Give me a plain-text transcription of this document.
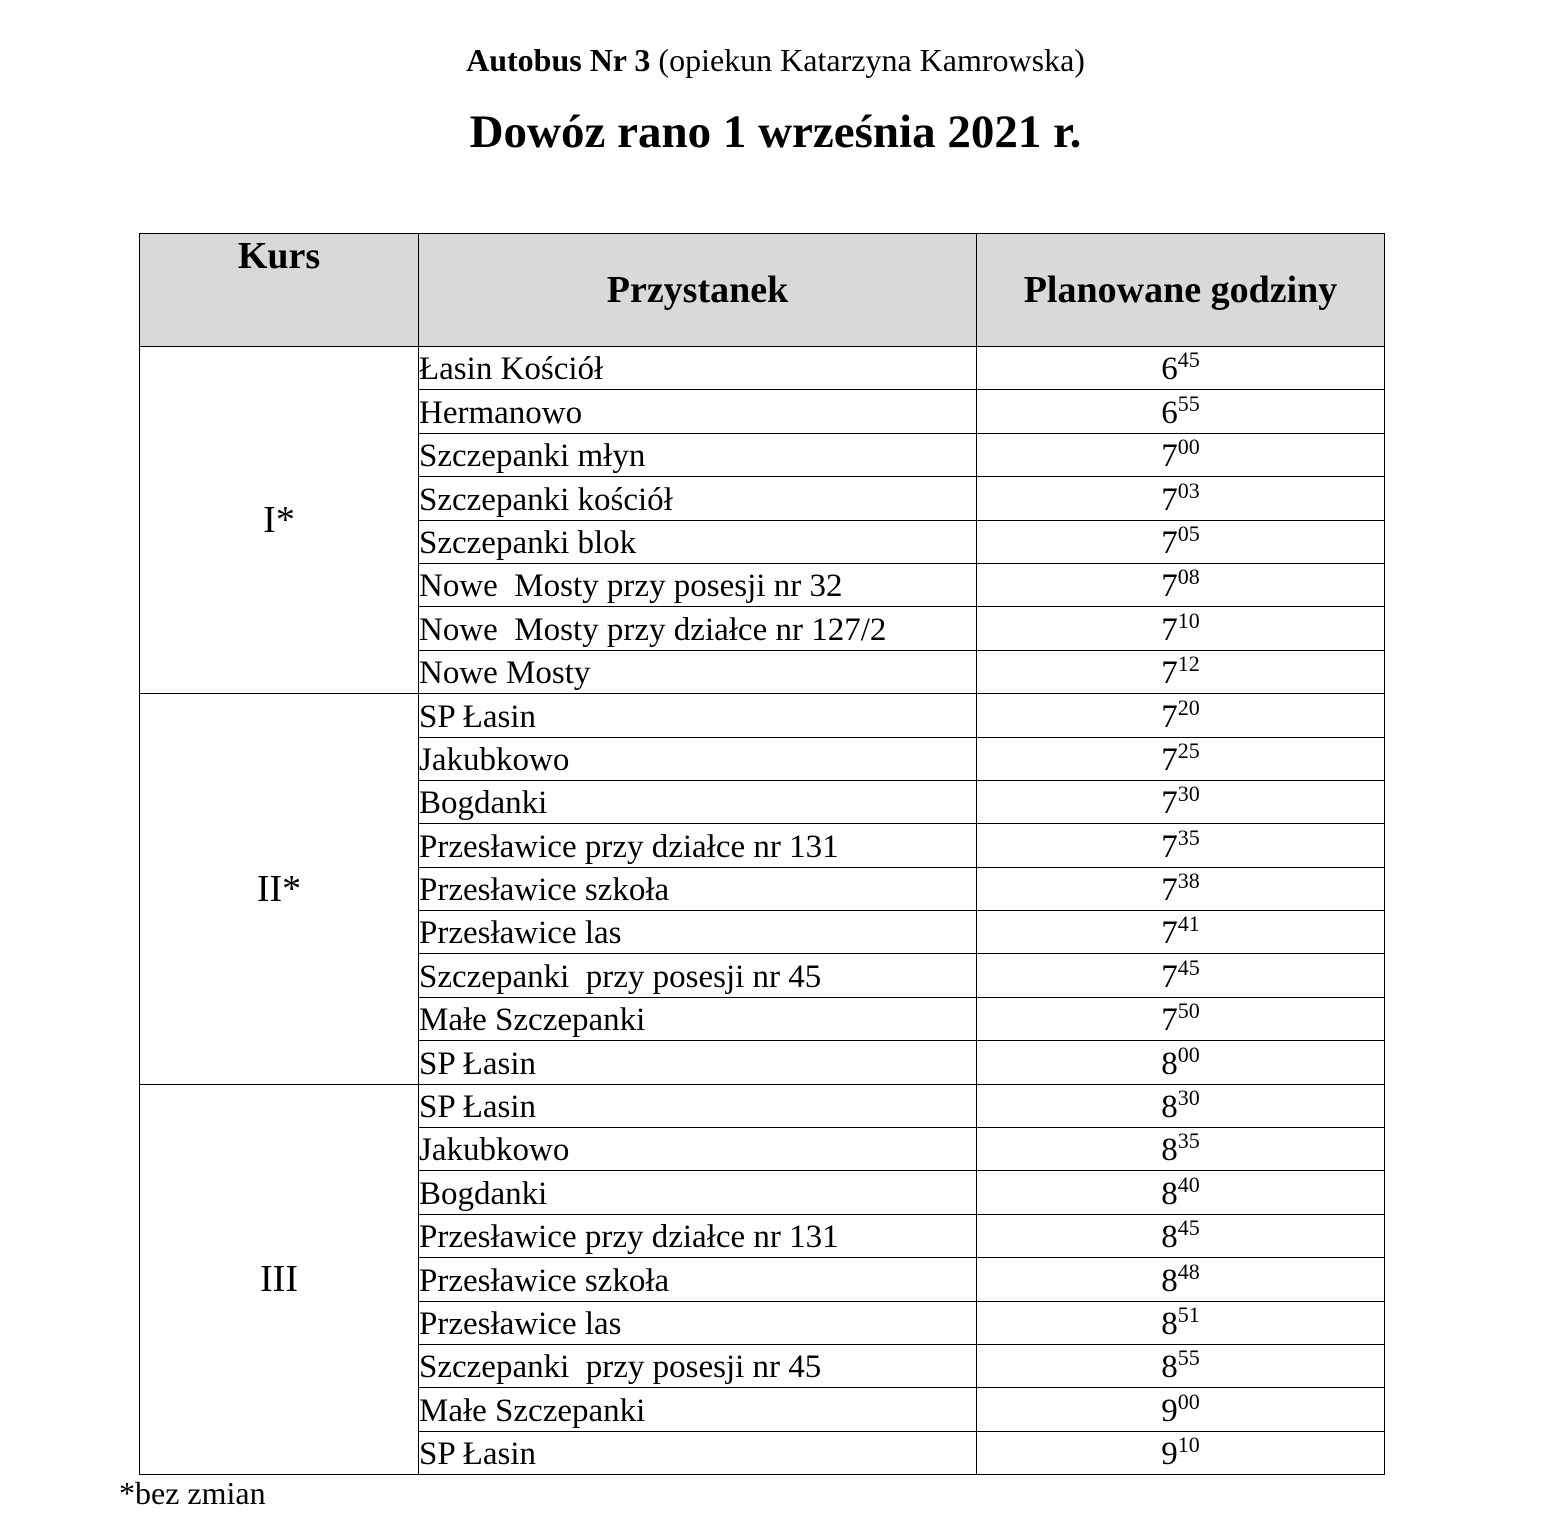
Autobus Nr 3 (opiekun Katarzyna Kamrowska)
Dowóz rano 1 września 2021 r.
Kurs	Przystanek	Planowane godziny
I*	Łasin Kościół	$6^{45}$
	Hermanowo	$6^{55}$
	Szczepanki młyn	$7^{00}$
	Szczepanki kościół	$7^{03}$
	Szczepanki blok	$7^{05}$
	Nowe  Mosty przy posesji nr 32	$7^{08}$
	Nowe  Mosty przy działce nr 127/2	$7^{10}$
	Nowe Mosty	$7^{12}$
II*	SP Łasin	$7^{20}$
	Jakubkowo	$7^{25}$
	Bogdanki	$7^{30}$
	Przesławice przy działce nr 131	$7^{35}$
	Przesławice szkoła	$7^{38}$
	Przesławice las	$7^{41}$
	Szczepanki  przy posesji nr 45	$7^{45}$
	Małe Szczepanki	$7^{50}$
	SP Łasin	$8^{00}$
III	SP Łasin	$8^{30}$
	Jakubkowo	$8^{35}$
	Bogdanki	$8^{40}$
	Przesławice przy działce nr 131	$8^{45}$
	Przesławice szkoła	$8^{48}$
	Przesławice las	$8^{51}$
	Szczepanki  przy posesji nr 45	$8^{55}$
	Małe Szczepanki	$9^{00}$
	SP Łasin	$9^{10}$
*bez zmian
